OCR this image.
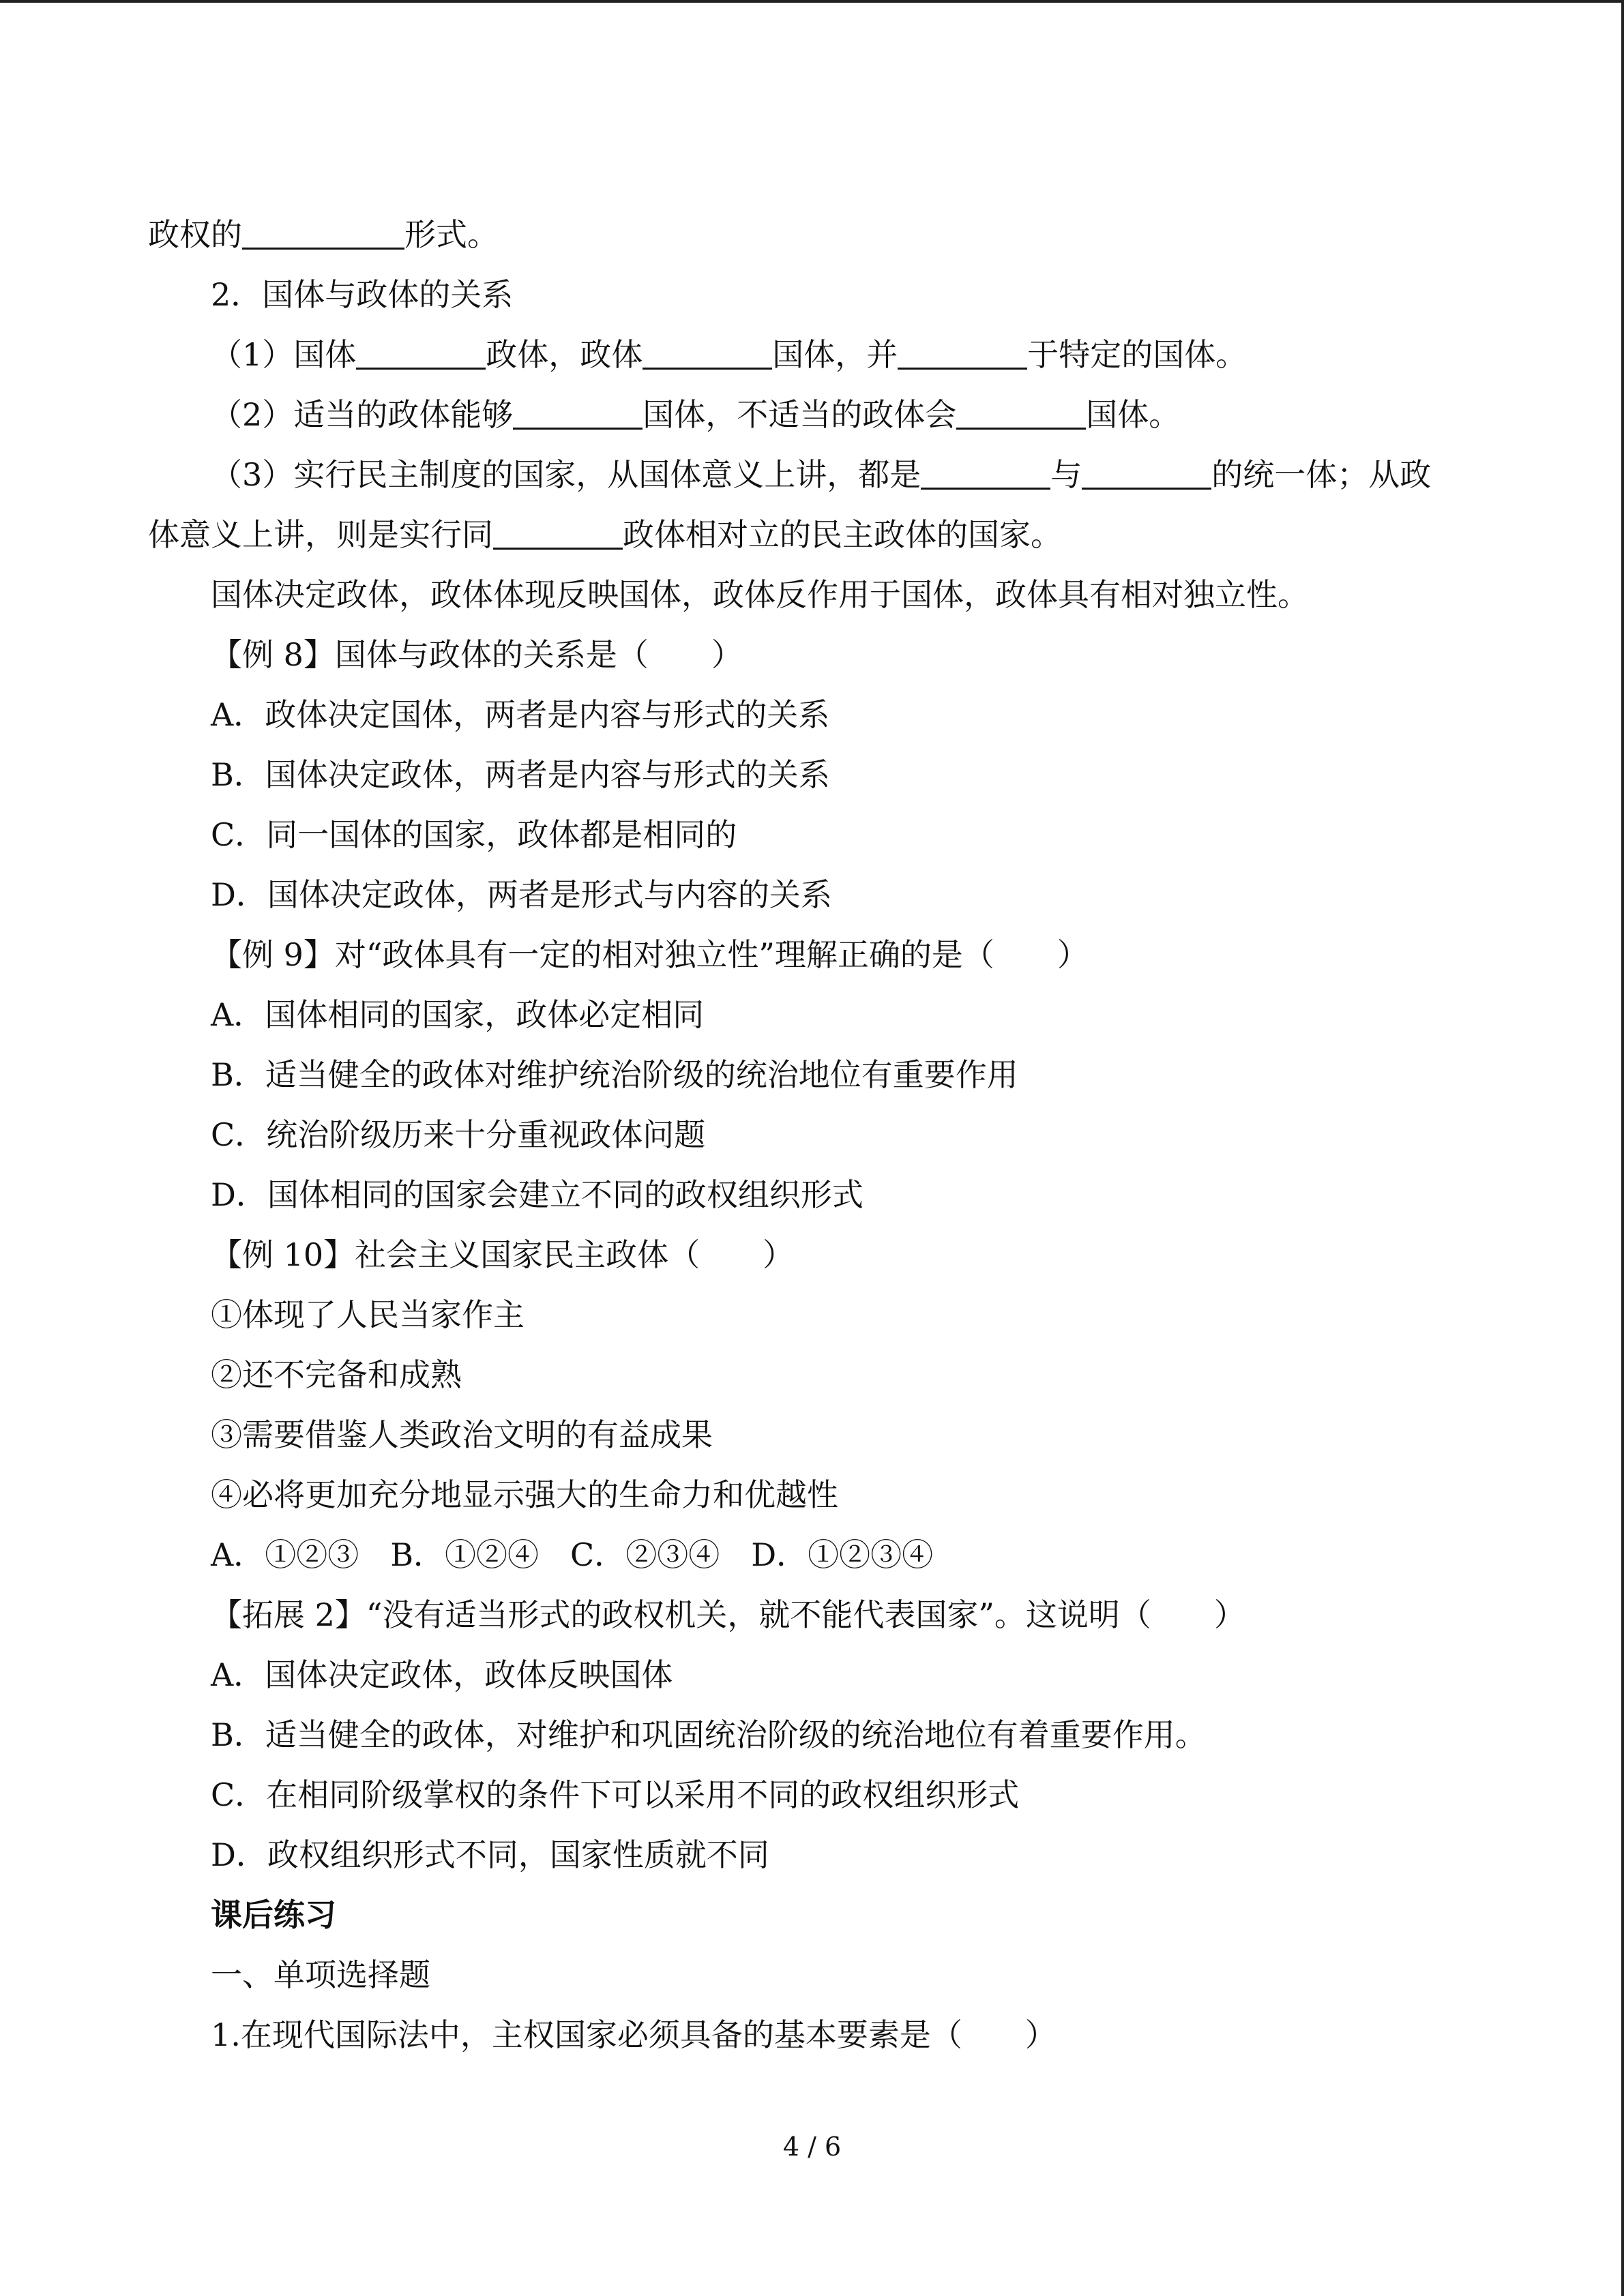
政权的	形式。
2．国体与政体的关系
（1）国体	政体，政体	国体，并	于特定的国体。
（2）适当的政体能够	国体，不适当的政体会	国体。
（3）实行民主制度的国家，从国体意义上讲，都是	与	的统一体；从政
体意义上讲，则是实行同	政体相对立的民主政体的国家。
国体决定政体，政体体现反映国体，政体反作用于国体，政体具有相对独立性。
【例 8】国体与政体的关系是（　　）
A．政体决定国体，两者是内容与形式的关系
B．国体决定政体，两者是内容与形式的关系
C．同一国体的国家，政体都是相同的
D．国体决定政体，两者是形式与内容的关系
【例 9】对“政体具有一定的相对独立性”理解正确的是（　　）
A．国体相同的国家，政体必定相同
B．适当健全的政体对维护统治阶级的统治地位有重要作用
C．统治阶级历来十分重视政体问题
D．国体相同的国家会建立不同的政权组织形式
【例 10】社会主义国家民主政体（　　）
①体现了人民当家作主
②还不完备和成熟
③需要借鉴人类政治文明的有益成果
④必将更加充分地显示强大的生命力和优越性
A．①②③　B．①②④　C．②③④　D．①②③④
【拓展 2】“没有适当形式的政权机关，就不能代表国家”。这说明（　　）
A．国体决定政体，政体反映国体
B．适当健全的政体，对维护和巩固统治阶级的统治地位有着重要作用。
C．在相同阶级掌权的条件下可以采用不同的政权组织形式
D．政权组织形式不同，国家性质就不同
课后练习
一、单项选择题
1.在现代国际法中，主权国家必须具备的基本要素是（　　）
4 / 6
